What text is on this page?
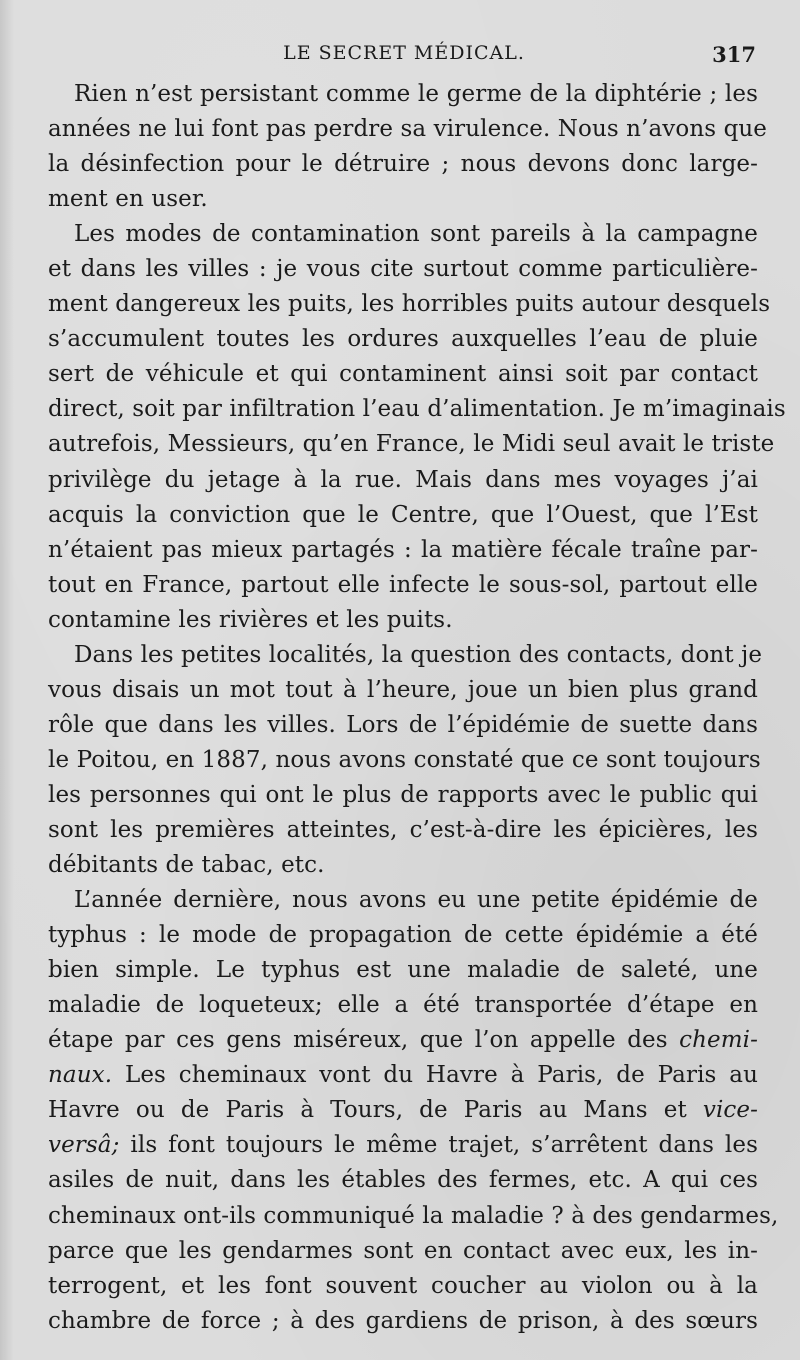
LE SECRET MÉDICAL.	317
Rien n’est persistant comme le germe de la diphtérie ; les
années ne lui font pas perdre sa virulence. Nous n’avons que
la désinfection pour le détruire ; nous devons donc large-
ment en user.
Les modes de contamination sont pareils à la campagne
et dans les villes : je vous cite surtout comme particulière-
ment dangereux les puits, les horribles puits autour desquels
s’accumulent toutes les ordures auxquelles l’eau de pluie
sert de véhicule et qui contaminent ainsi soit par contact
direct, soit par infiltration l’eau d’alimentation. Je m’imaginais
autrefois, Messieurs, qu’en France, le Midi seul avait le triste
privilège du jetage à la rue. Mais dans mes voyages j’ai
acquis la conviction que le Centre, que l’Ouest, que l’Est
n’étaient pas mieux partagés : la matière fécale traîne par-
tout en France, partout elle infecte le sous-sol, partout elle
contamine les rivières et les puits.
Dans les petites localités, la question des contacts, dont je
vous disais un mot tout à l’heure, joue un bien plus grand
rôle que dans les villes. Lors de l’épidémie de suette dans
le Poitou, en 1887, nous avons constaté que ce sont toujours
les personnes qui ont le plus de rapports avec le public qui
sont les premières atteintes, c’est-à-dire les épicières, les
débitants de tabac, etc.
L’année dernière, nous avons eu une petite épidémie de
typhus : le mode de propagation de cette épidémie a été
bien simple. Le typhus est une maladie de saleté, une
maladie de loqueteux; elle a été transportée d’étape en
étape par ces gens miséreux, que l’on appelle des chemi-
naux. Les cheminaux vont du Havre à Paris, de Paris au
Havre ou de Paris à Tours, de Paris au Mans et vice-
versâ; ils font toujours le même trajet, s’arrêtent dans les
asiles de nuit, dans les étables des fermes, etc. A qui ces
cheminaux ont-ils communiqué la maladie ? à des gendarmes,
parce que les gendarmes sont en contact avec eux, les in-
terrogent, et les font souvent coucher au violon ou à la
chambre de force ; à des gardiens de prison, à des sœurs
